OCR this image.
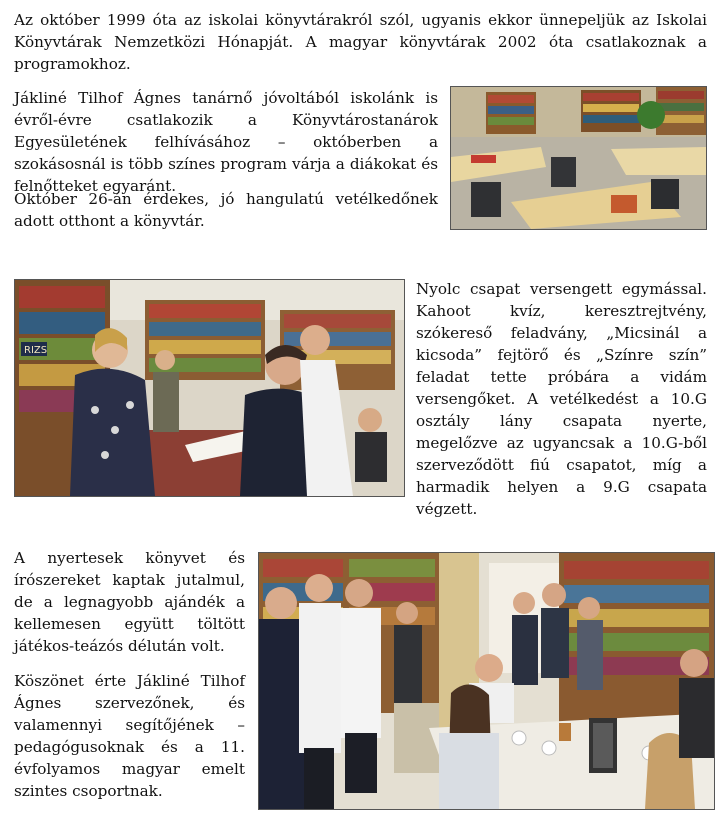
Az október 1999 óta az iskolai könyvtárakról szól, ugyanis ekkor ünnepeljük az Iskolai Könyvtárak Nemzetközi Hónapját. A magyar könyvtárak 2002 óta csatlakoznak a programokhoz.

Jákliné Tilhof Ágnes tanárnő jóvoltából iskolánk is évről-évre csatlakozik a Könyvtárostanárok Egyesületének felhívásához – októberben a szokásosnál is több színes program várja a diákokat és felnőtteket egyaránt.

Október 26-án érdekes, jó hangulatú vetélkedőnek adott otthont a könyvtár.

RIZS

Nyolc csapat versengett egymással. Kahoot kvíz, keresztrejtvény, szókereső feladvány, „Micsinál a kicsoda” fejtörő és „Színre szín” feladat tette próbára a vidám versengőket. A vetélkedést a 10.G osztály lány csapata nyerte, megelőzve az ugyancsak a 10.G-ből szerveződött fiú csapatot, míg a harmadik helyen a 9.G csapata végzett.

A nyertesek könyvet és írószereket kaptak jutalmul, de a legnagyobb ajándék a kellemesen együtt töltött játékos-teázós délután volt.

Köszönet érte Jákliné Tilhof Ágnes szervezőnek, és valamennyi segítőjének – pedagógusoknak és a 11. évfolyamos magyar emelt szintes csoportnak.
